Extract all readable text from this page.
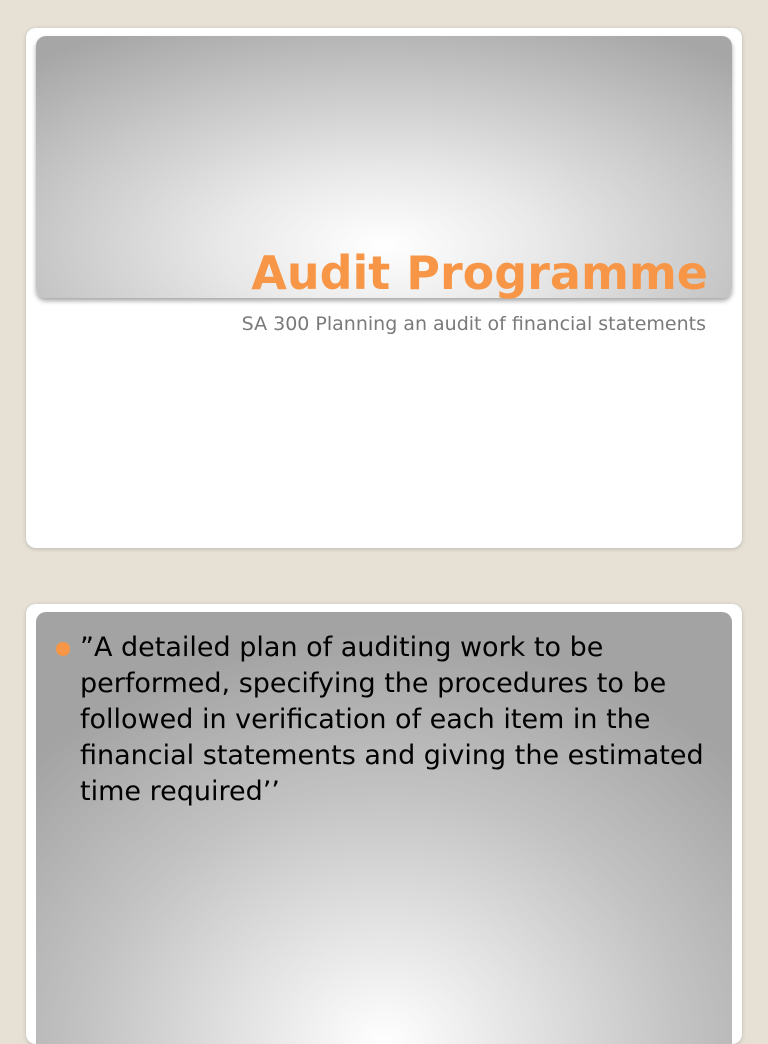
Audit Programme

SA 300 Planning an audit of financial statements

”A detailed plan of auditing work to be performed, specifying the procedures to be followed in verification of each item in the financial statements and giving the estimated time required’’
